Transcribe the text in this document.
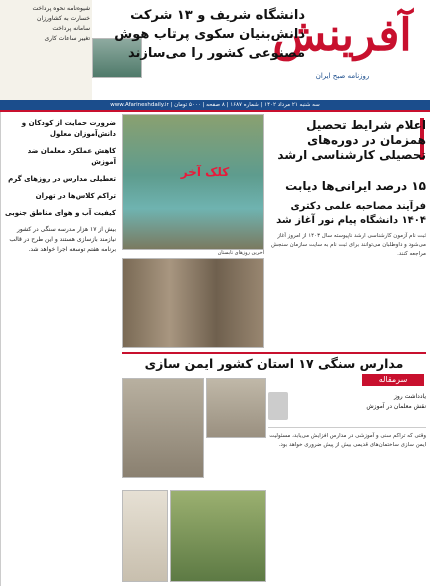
شیوه‌نامه نحوه پرداخت
خسارت به کشاورزان
سامانه پرداخت
تغییر ساعات کاری	آفرینش
روزنامه صبح ایران
دانشگاه شریف و ۱۳ شرکت دانش‌بنیان سکوی پرتاب هوش مصنوعی کشور را می‌سازند
سه شنبه ۲۱ مرداد ۱۴۰۲ | شماره ۱۶۸۷ | ۸ صفحه | ۵۰۰۰ تومان | www.Afarineshdaily.ir
ضرورت حمایت از کودکان و دانش‌آموزان معلول
کاهش عملکرد معلمان ضد آموزش
تعطیلی مدارس در روزهای گرم
تراکم کلاس‌ها در تهران
کیفیت آب و هوای مناطق جنوبی
بیش از ۱۷ هزار مدرسه سنگی در کشور نیازمند بازسازی هستند و این طرح در قالب برنامه هفتم توسعه اجرا خواهد شد.
اعلام شرایط تحصیل همزمان در دوره‌های تحصیلی کارشناسی ارشد
کلک آخر
آخرین روزهای تابستان
۱۵ درصد ایرانی‌ها دیابت
فرآیند مصاحبه علمی دکتری ۱۴۰۴ دانشگاه پیام نور آغاز شد
ثبت نام آزمون کارشناسی ارشد ناپیوسته سال ۱۴۰۳ از امروز آغاز می‌شود و داوطلبان می‌توانند برای ثبت نام به سایت سازمان سنجش مراجعه کنند.
مدارس سنگی ۱۷ استان کشور ایمن سازی
سرمقاله
یادداشت روز
نقش معلمان در آموزش
وقتی که تراکم سنی و آموزشی در مدارس افزایش می‌یابد، مسئولیت ایمن سازی ساختمان‌های قدیمی بیش از پیش ضروری خواهد بود.
